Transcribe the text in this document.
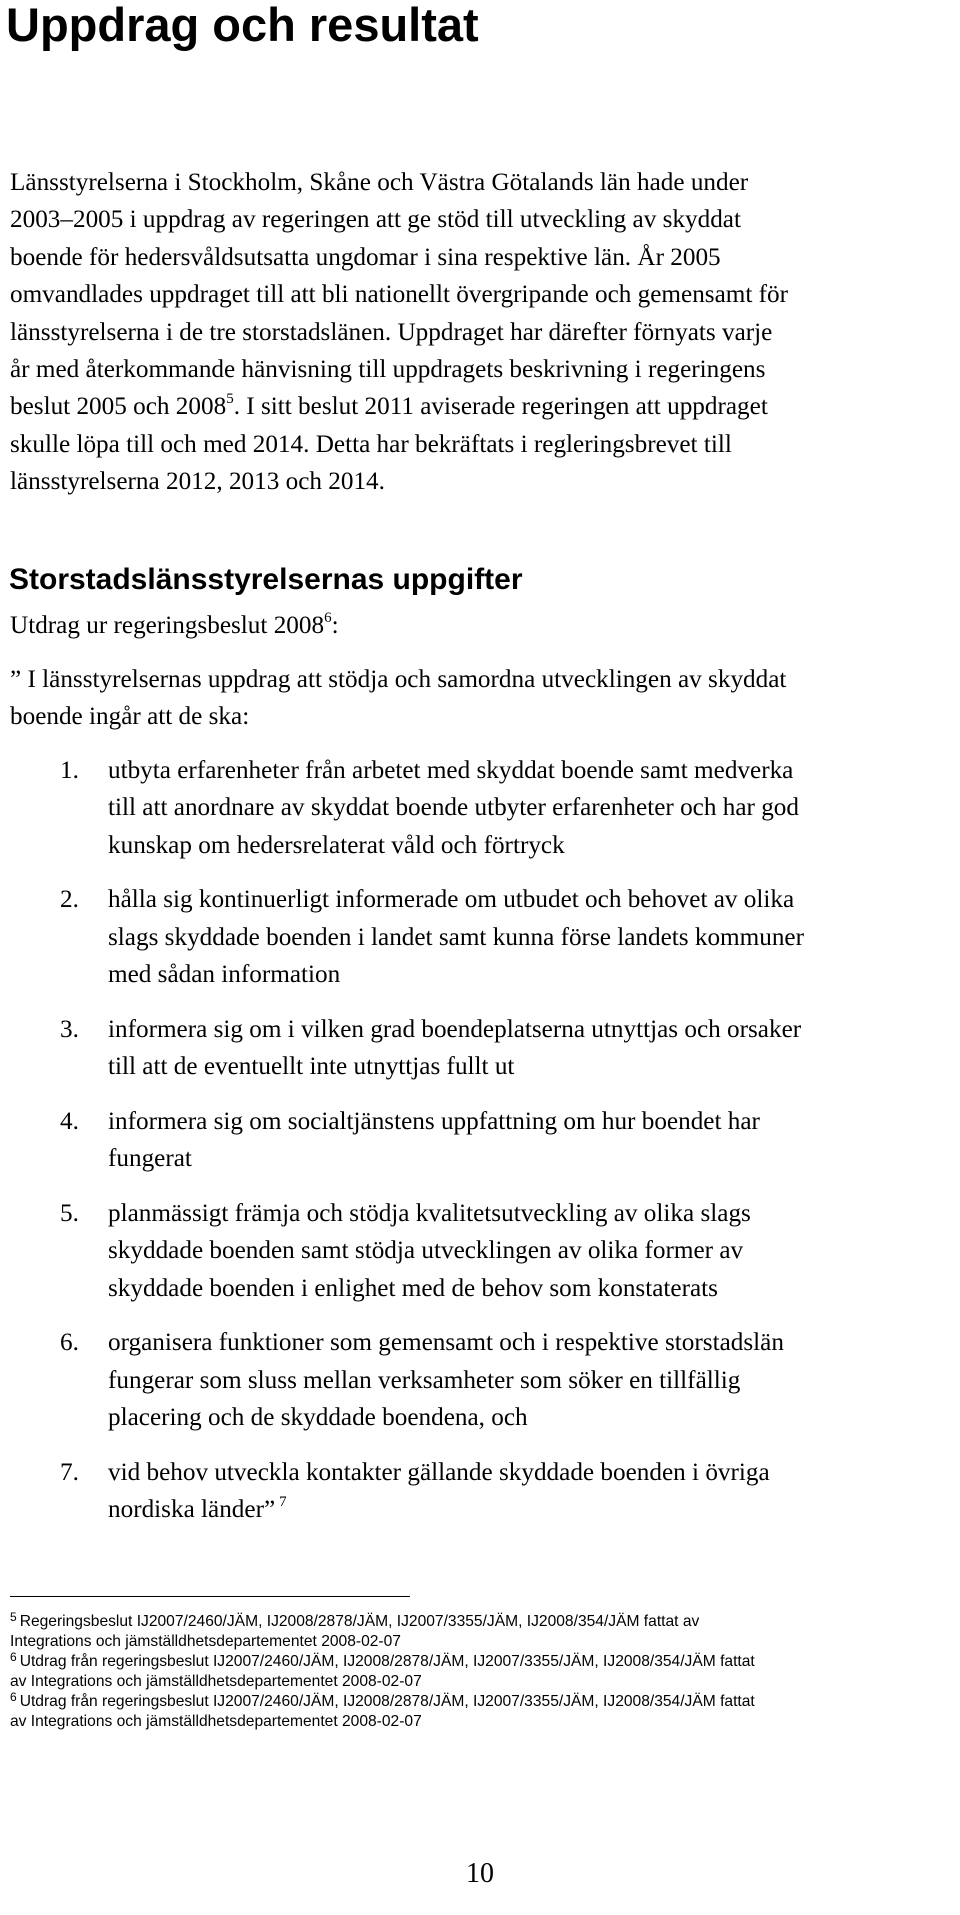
Uppdrag och resultat
Länsstyrelserna i Stockholm, Skåne och Västra Götalands län hade under
2003–2005 i uppdrag av regeringen att ge stöd till utveckling av skyddat
boende för hedersvåldsutsatta ungdomar i sina respektive län. År 2005
omvandlades uppdraget till att bli nationellt övergripande och gemensamt för
länsstyrelserna i de tre storstadslänen. Uppdraget har därefter förnyats varje
år med återkommande hänvisning till uppdragets beskrivning i regeringens
beslut 2005 och 2008$^5$. I sitt beslut 2011 aviserade regeringen att uppdraget
skulle löpa till och med 2014. Detta har bekräftats i regleringsbrevet till
länsstyrelserna 2012, 2013 och 2014.
Storstadslänsstyrelsernas uppgifter
Utdrag ur regeringsbeslut 2008$^6$:
” I länsstyrelsernas uppdrag att stödja och samordna utvecklingen av skyddat
boende ingår att de ska:
1. utbyta erfarenheter från arbetet med skyddat boende samt medverka
till att anordnare av skyddat boende utbyter erfarenheter och har god
kunskap om hedersrelaterat våld och förtryck
2. hålla sig kontinuerligt informerade om utbudet och behovet av olika
slags skyddade boenden i landet samt kunna förse landets kommuner
med sådan information
3. informera sig om i vilken grad boendeplatserna utnyttjas och orsaker
till att de eventuellt inte utnyttjas fullt ut
4. informera sig om socialtjänstens uppfattning om hur boendet har
fungerat
5. planmässigt främja och stödja kvalitetsutveckling av olika slags
skyddade boenden samt stödja utvecklingen av olika former av
skyddade boenden i enlighet med de behov som konstaterats
6. organisera funktioner som gemensamt och i respektive storstadslän
fungerar som sluss mellan verksamheter som söker en tillfällig
placering och de skyddade boendena, och
7. vid behov utveckla kontakter gällande skyddade boenden i övriga
nordiska länder” $^7$
$^5$ Regeringsbeslut IJ2007/2460/JÄM, IJ2008/2878/JÄM, IJ2007/3355/JÄM, IJ2008/354/JÄM fattat av
Integrations och jämställdhetsdepartementet 2008-02-07
$^6$ Utdrag från regeringsbeslut IJ2007/2460/JÄM, IJ2008/2878/JÄM, IJ2007/3355/JÄM, IJ2008/354/JÄM fattat
av Integrations och jämställdhetsdepartementet 2008-02-07
$^6$ Utdrag från regeringsbeslut IJ2007/2460/JÄM, IJ2008/2878/JÄM, IJ2007/3355/JÄM, IJ2008/354/JÄM fattat
av Integrations och jämställdhetsdepartementet 2008-02-07
10
